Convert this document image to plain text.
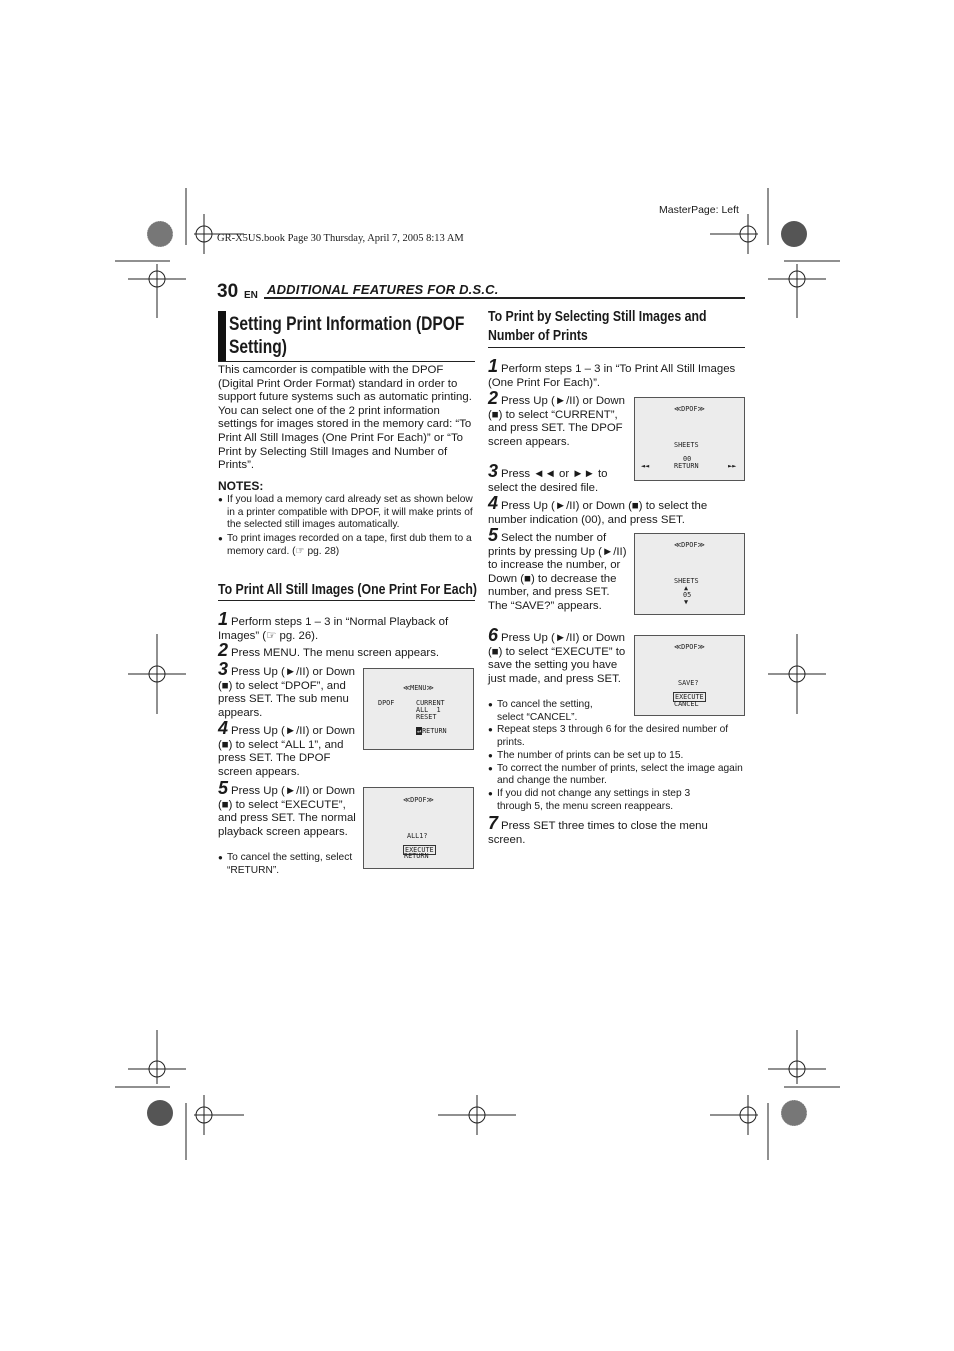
GR-X5US.book Page 30 Thursday, April 7, 2005 8:13 AM
MasterPage: Left
30 EN ADDITIONAL FEATURES FOR D.S.C.
Setting Print Information (DPOF
Setting)
This camcorder is compatible with the DPOF (Digital Print Order Format) standard in order to support future systems such as automatic printing. You can select one of the 2 print information settings for images stored in the memory card: “To Print All Still Images (One Print For Each)” or “To Print by Selecting Still Images and Number of Prints”.
NOTES:
● If you load a memory card already set as shown below in a printer compatible with DPOF, it will make prints of the selected still images automatically.
● To print images recorded on a tape, first dub them to a memory card. (☞ pg. 28)
To Print All Still Images (One Print For Each)
1 Perform steps 1 – 3 in “Normal Playback of Images” (☞ pg. 26).
2 Press MENU. The menu screen appears.
3 Press Up (►/II) or Down (■) to select “DPOF”, and press SET. The sub menu appears.
4 Press Up (►/II) or Down (■) to select “ALL 1”, and press SET. The DPOF screen appears.
5 Press Up (►/II) or Down (■) to select “EXECUTE”, and press SET. The normal playback screen appears.
● To cancel the setting, select “RETURN”.
≪MENU≫
DPOF	CURRENT
ALL  1
RESET
↵RETURN
≪DPOF≫
ALL1?
EXECUTE
RETURN
To Print by Selecting Still Images and
Number of Prints
1 Perform steps 1 – 3 in “To Print All Still Images (One Print For Each)”.
2 Press Up (►/II) or Down (■) to select “CURRENT”, and press SET. The DPOF screen appears.
3 Press ◄◄ or ►► to select the desired file.
4 Press Up (►/II) or Down (■) to select the number indication (00), and press SET.
5 Select the number of prints by pressing Up (►/II) to increase the number, or Down (■) to decrease the number, and press SET. The “SAVE?” appears.
6 Press Up (►/II) or Down (■) to select “EXECUTE” to save the setting you have just made, and press SET.
● To cancel the setting, select “CANCEL”.
● Repeat steps 3 through 6 for the desired number of prints.
● The number of prints can be set up to 15.
● To correct the number of prints, select the image again and change the number.
● If you did not change any settings in step 3 through 5, the menu screen reappears.
7 Press SET three times to close the menu screen.
≪DPOF≫
SHEETS
00
RETURN
◄◄	►►
≪DPOF≫
SHEETS
▲
05
▼
≪DPOF≫
SAVE?
EXECUTE
CANCEL
